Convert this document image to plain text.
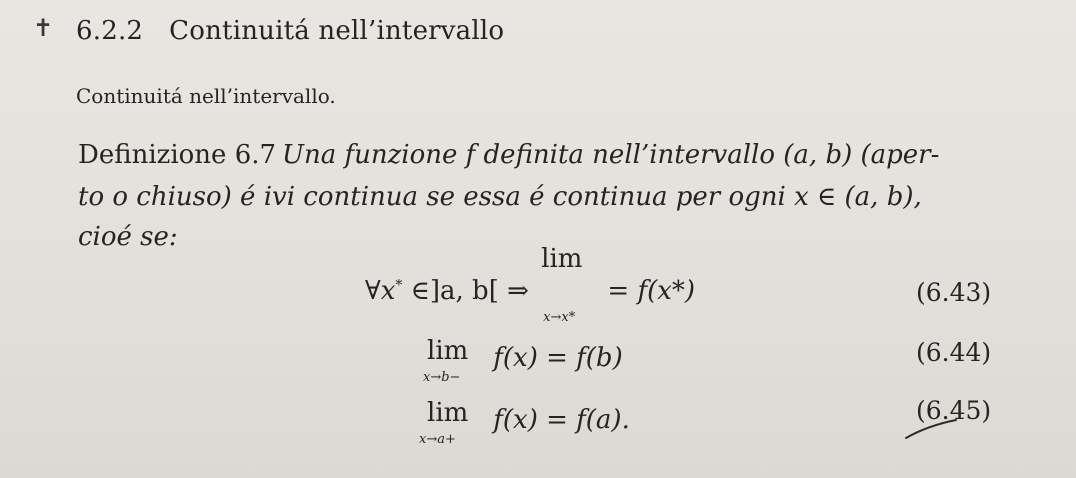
✝ 6.2.2 Continuitá nell’intervallo
Continuitá nell’intervallo.
Definizione 6.7 Una funzione f definita nell’intervallo (a, b) (aper-
to o chiuso) é ivi continua se essa é continua per ogni x ∈ (a, b),
cioé se:
∀x* ∈]a, b[ ⇒ lim
x→x*
= f(x*)	(6.43)
lim
x→b−
f(x) = f(b)	(6.44)
lim
x→a+
f(x) = f(a).	(6.45)
